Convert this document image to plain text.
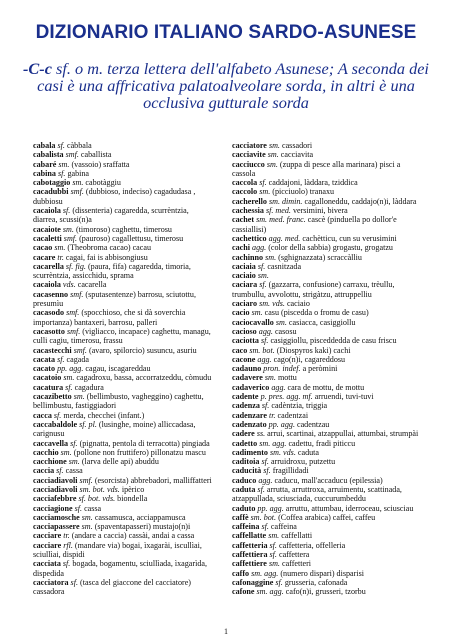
DIZIONARIO ITALIANO SARDO-ASUNESE
-C-c sf. o m. terza lettera dell'alfabeto Asunese; A seconda dei casi è una affricativa palatoalveolare sorda, in altri è una occlusiva gutturale sorda

cabala sf. càbbala

cabalista smf. caballista

cabaré sm. (vassoio) sraffatta

cabina sf. gabina

cabotaggio sm. cabotàggiu

cacadubbi smf. (dubbioso, indeciso) cagadudasa , dubbiosu

cacaiola sf. (dissenteria) cagaredda, scurrèntzia, diarrea, scussi(n)a

cacaiote sm. (timoroso) caghettu, timerosu

cacaletti smf. (pauroso) cagallettusu, timerosu

cacao sm. (Theobroma cacao) cacau

cacare tr. cagai, fai is abbisongiusu

cacarella sf. fig. (paura, fifa) cagaredda, timoria, scurrèntzia, assicchidu, sprama

cacaiola vds. cacarella

cacasenno smf. (sputasentenze) barrosu, sciutottu, presumìu

cacasodo smf. (spocchioso, che si dà soverchia importanza) bantaxeri, barrosu, palleri

cacasotto smf. (vigliacco, incapace) caghettu, managu, culli cagiu, timerosu, frassu

cacastecchi smf. (avaro, spilorcio) susuncu, asuriu

cacata sf. cagada

cacato pp. agg. cagau, iscagareddau

cacatoio sm. cagadroxu, bassa, accorratzeddu, còmudu

cacatura sf. cagadura

cacazibetto sm. (bellimbusto, vagheggino) caghettu, bellimbustu, fastiggiadori

cacca sf. merda, checchei (infant.)

caccabaldole sf. pl. (lusinghe, moine) alliccadasa, carignusu

caccavella sf. (pignatta, pentola di terracotta) pingiada

cacchio sm. (pollone non fruttifero) pillonatzu mascu

cacchione sm. (larva delle api) abuddu

caccia sf. cassa

cacciadiavoli smf. (esorcista) abbrebadori, malliffatteri

cacciadiavoli sm. bot. vds. ipèrico

cacciafebbre sf. bot. vds. biondella

cacciagione sf. cassa

cacciamosche sm. cassamusca, acciappamusca

cacciapassere sm. (spaventapasseri) mustajo(n)i

cacciare tr. (andare a caccia) cassài, andai a cassa

cacciare rfl. (mandare via) bogai, ìxagarài, iscullìai, sciullìai, dispidi

cacciata sf. bogada, bogamentu, sciullìada, ìxagarìda, dispedida

cacciatora sf. (tasca del giaccone del cacciatore) cassadora

cacciatore sm. cassadori

cacciavite sm. cacciavita

cacciucco sm. (zuppa di pesce alla marinara) pisci a cassola

caccola sf. caddajoni, làddara, tziddica

caccolo sm. (picciuolo) tranaxu

cacherello sm. dimin. cagalloneddu, caddajo(n)i, làddara

cachessia sf. med. versimini, bivera

cachet sm. med. franc. cascè (pinduella po dollor'e cassiallisi)

cachettico agg. med. cachètticu, cun su verusimini

cachi agg. (color della sabbia) grogastu, grogatzu

cachinno sm. (sghignazzata) scraccàlliu

caciaia sf. casnitzada

caciaio sm.

caciara sf. (gazzarra, confusione) carraxu, trèullu, trumbullu, avvolottu, strigàtzu, attruppelliu

caciaro sm. vds. caciaio

cacio sm. casu (piscedda o fromu de casu)

caciocavallo sm. casiacca, casiggiollu

cacioso agg. casosu

caciotta sf. casiggiollu, pisceddedda de casu friscu

caco sm. bot. (Diospyros kaki) cachi

cacone agg. cago(n)i, cagareddosu

cadauno pron. indef. a peròmini

cadavere sm. mottu

cadaverico agg. cara de mottu, de mottu

cadente p. pres. agg. mf. arruendi, tuvi-tuvi

cadenza sf. cadèntzia, triggia

cadenzare tr. cadentzai

cadenzato pp. agg. cadentzau

cadere ss. arrui, scartinai, atzappullai, attumbai, strumpài

cadetto sm. agg. cadettu, fradi piticcu

cadimento sm. vds. caduta

caditoia sf. arruidroxu, putzettu

caducità sf. fragillidadi

caduco agg. caducu, mall'accaducu (epilessia)

caduta sf. arrutta, arruttroxa, arruimentu, scattinada, atzappullada, sciusciada, cuccurumbeddu

caduto pp. agg. arruttu, attumbau, iderroceau, sciusciau

caffè sm. bot. (Coffea arabica) caffei, caffeu

caffeina sf. caffeina

caffellatte sm. caffellatti

caffetteria sf. caffetteria, offelleria

caffettiera sf. caffettera

caffettiere sm. caffetteri

caffo sm. agg. (numero dispari) disparisi

cafonaggine sf. grusseria, cafonada

cafone sm. agg. cafo(n)i, grusseri, tzorbu

1
